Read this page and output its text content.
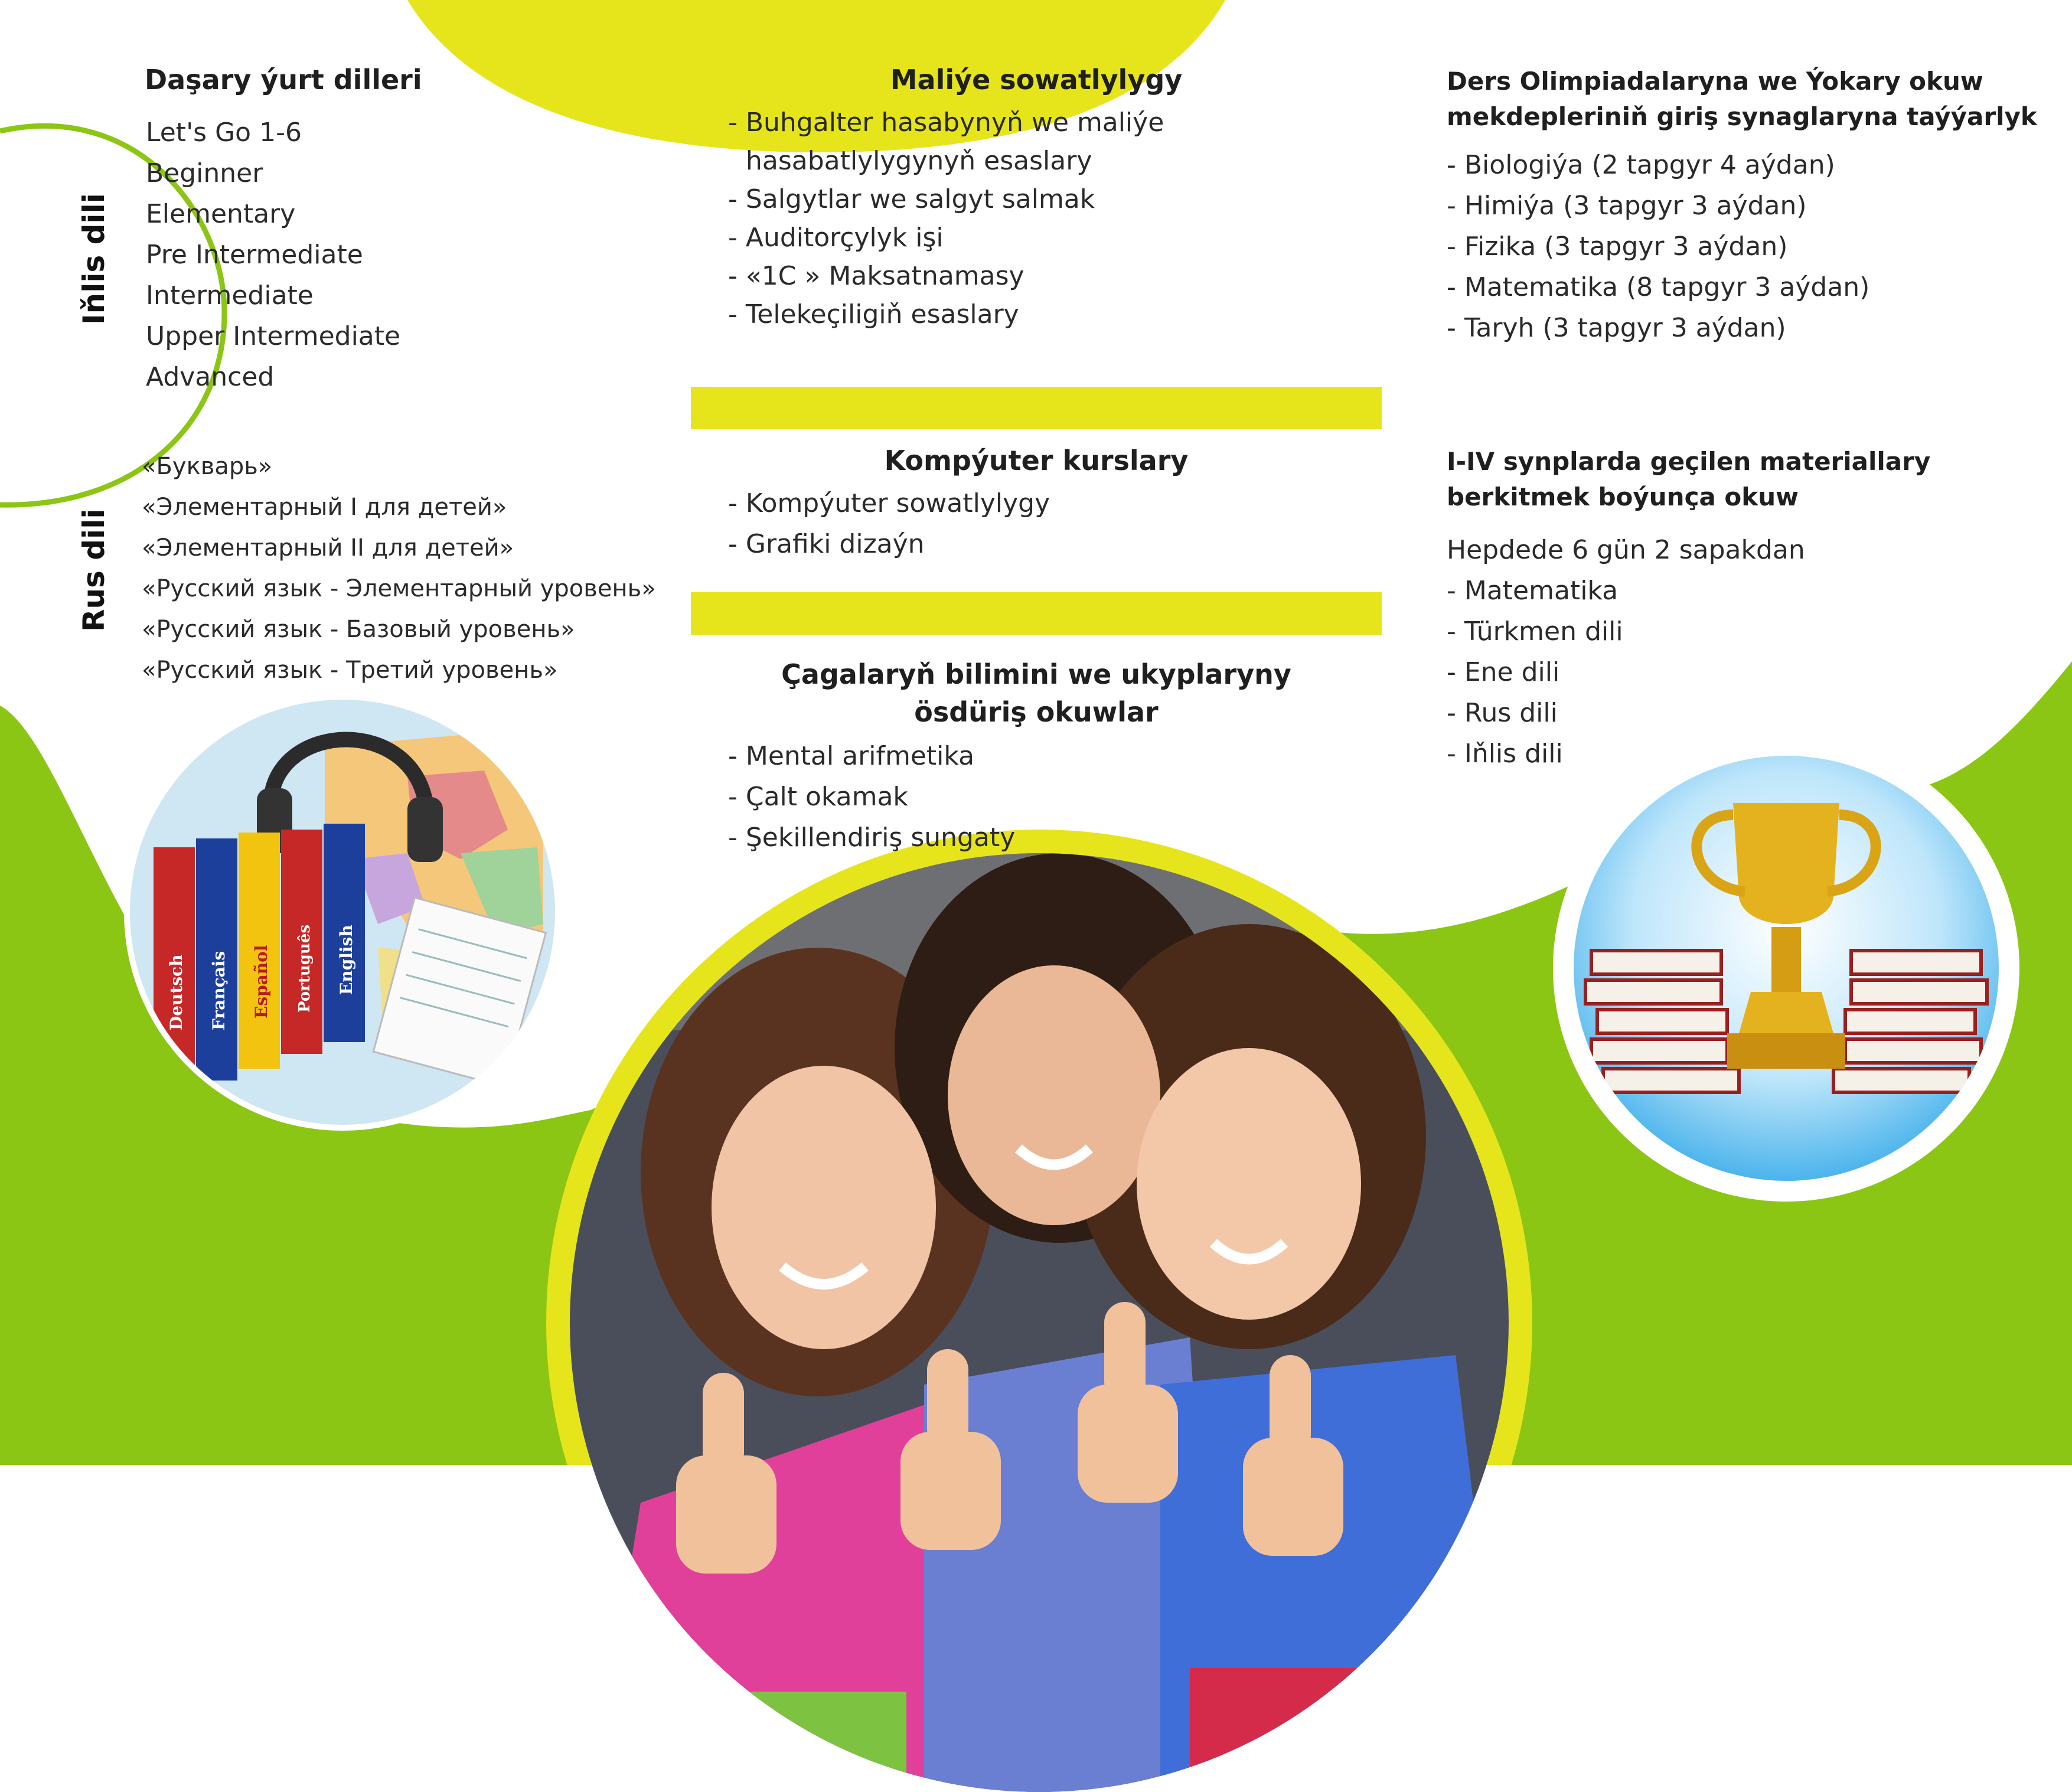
Daşary ýurt dilleri
Iňlis dili
Let's Go 1-6
Beginner
Elementary
Pre Intermediate
Intermediate
Upper Intermediate
Advanced
Rus dili
«Букварь»
«Элементарный I для детей»
«Элементарный II для детей»
«Русский язык - Элементарный уровень»
«Русский язык - Базовый уровень»
«Русский язык - Третий уровень»
Maliýe sowatlylygy
- Buhgalter hasabynyň we maliýe
hasabatlylygynyň esaslary
- Salgytlar we salgyt salmak
- Auditorçylyk işi
- «1C » Maksatnamasy
- Telekeçiligiň esaslary
Kompýuter kurslary
- Kompýuter sowatlylygy
- Grafiki dizaýn
Çagalaryň bilimini we ukyplaryny
ösdüriş okuwlar
- Mental arifmetika
- Çalt okamak
- Şekillendiriş sungaty
Ders Olimpiadalaryna we Ýokary okuw
mekdepleriniň giriş synaglaryna taýýarlyk
- Biologiýa (2 tapgyr 4 aýdan)
- Himiýa (3 tapgyr 3 aýdan)
- Fizika (3 tapgyr 3 aýdan)
- Matematika (8 tapgyr 3 aýdan)
- Taryh (3 tapgyr 3 aýdan)
I-IV synplarda geçilen materiallary
berkitmek boýunça okuw
Hepdede 6 gün 2 sapakdan
- Matematika
- Türkmen dili
- Ene dili
- Rus dili
- Iňlis dili
Deutsch Français Español Português English
